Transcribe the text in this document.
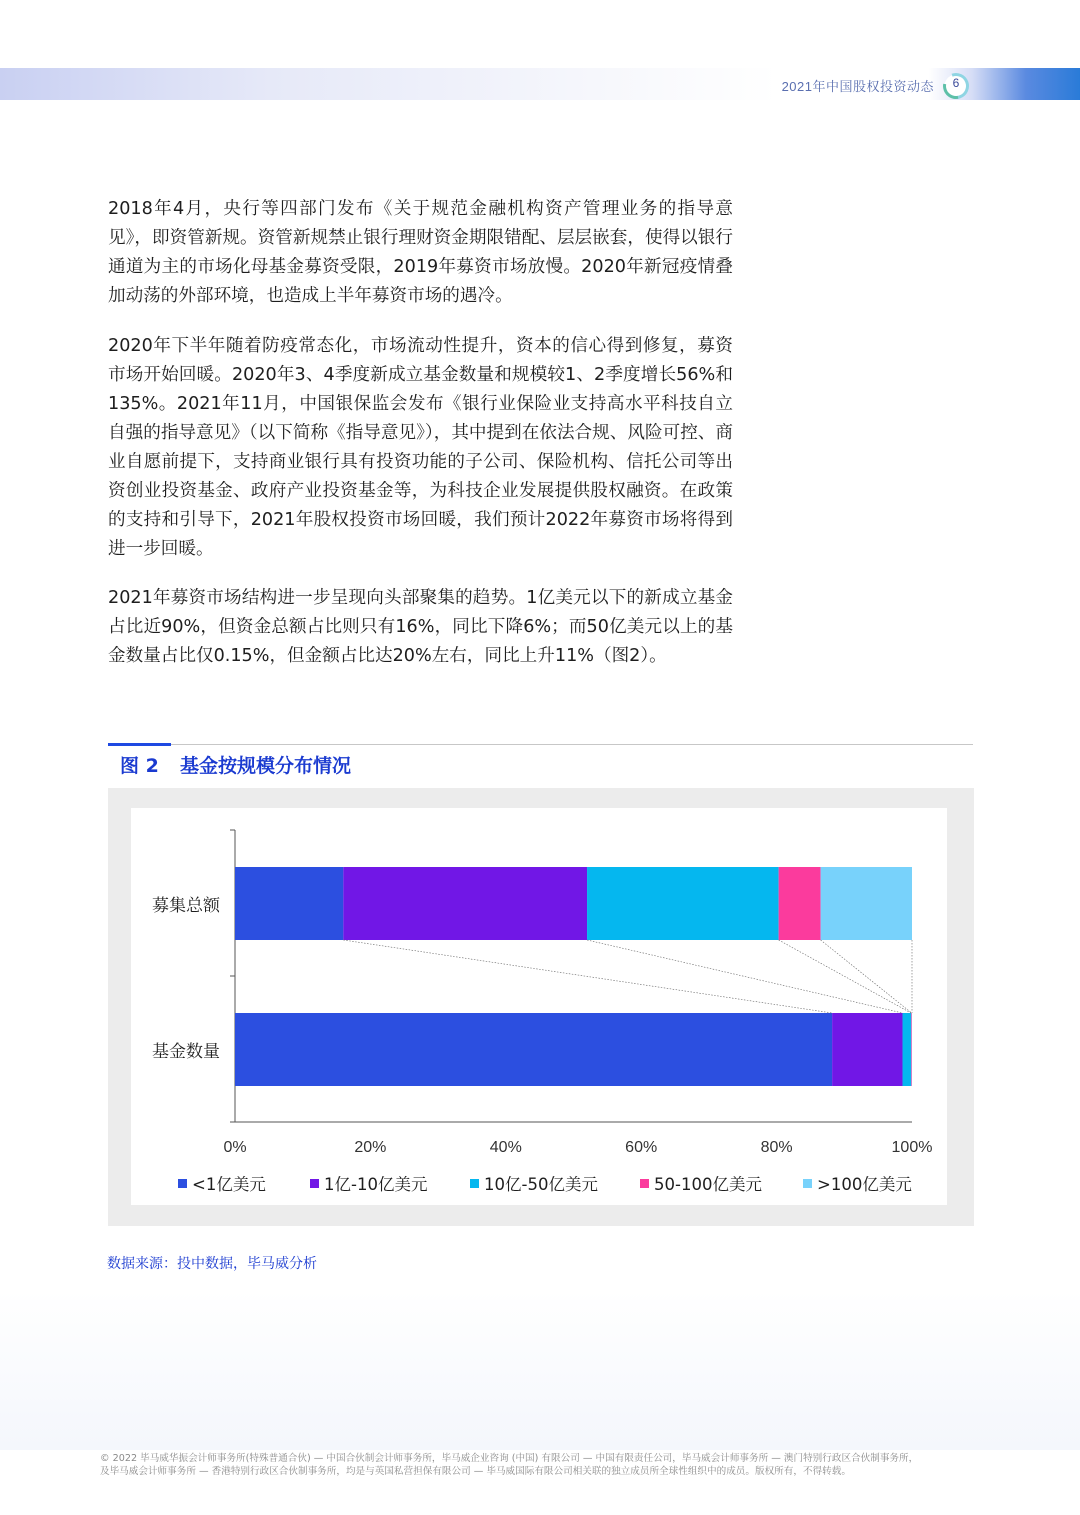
2021年中国股权投资动态	6

2018年4月，央行等四部门发布《关于规范金融机构资产管理业务的指导意见》，即资管新规。资管新规禁止银行理财资金期限错配、层层嵌套，使得以银行通道为主的市场化母基金募资受限，2019年募资市场放慢。2020年新冠疫情叠加动荡的外部环境，也造成上半年募资市场的遇冷。

2020年下半年随着防疫常态化，市场流动性提升，资本的信心得到修复，募资市场开始回暖。2020年3、4季度新成立基金数量和规模较1、2季度增长56%和135%。2021年11月，中国银保监会发布《银行业保险业支持高水平科技自立自强的指导意见》（以下简称《指导意见》），其中提到在依法合规、风险可控、商业自愿前提下，支持商业银行具有投资功能的子公司、保险机构、信托公司等出资创业投资基金、政府产业投资基金等，为科技企业发展提供股权融资。在政策的支持和引导下，2021年股权投资市场回暖，我们预计2022年募资市场将得到进一步回暖。

2021年募资市场结构进一步呈现向头部聚集的趋势。1亿美元以下的新成立基金占比近90%，但资金总额占比则只有16%，同比下降6%；而50亿美元以上的基金数量占比仅0.15%，但金额占比达20%左右，同比上升11%（图2）。

图 2 基金按规模分布情况
募集总额
基金数量
0%	20%	40%	60%	80%	100%
<1亿美元	1亿-10亿美元	10亿-50亿美元	50-100亿美元	>100亿美元
数据来源：投中数据，毕马威分析

© 2022 毕马威华振会计师事务所(特殊普通合伙) — 中国合伙制会计师事务所，毕马威企业咨询 (中国) 有限公司 — 中国有限责任公司，毕马威会计师事务所 — 澳门特别行政区合伙制事务所，

及毕马威会计师事务所 — 香港特别行政区合伙制事务所，均是与英国私营担保有限公司 — 毕马威国际有限公司相关联的独立成员所全球性组织中的成员。版权所有，不得转载。
